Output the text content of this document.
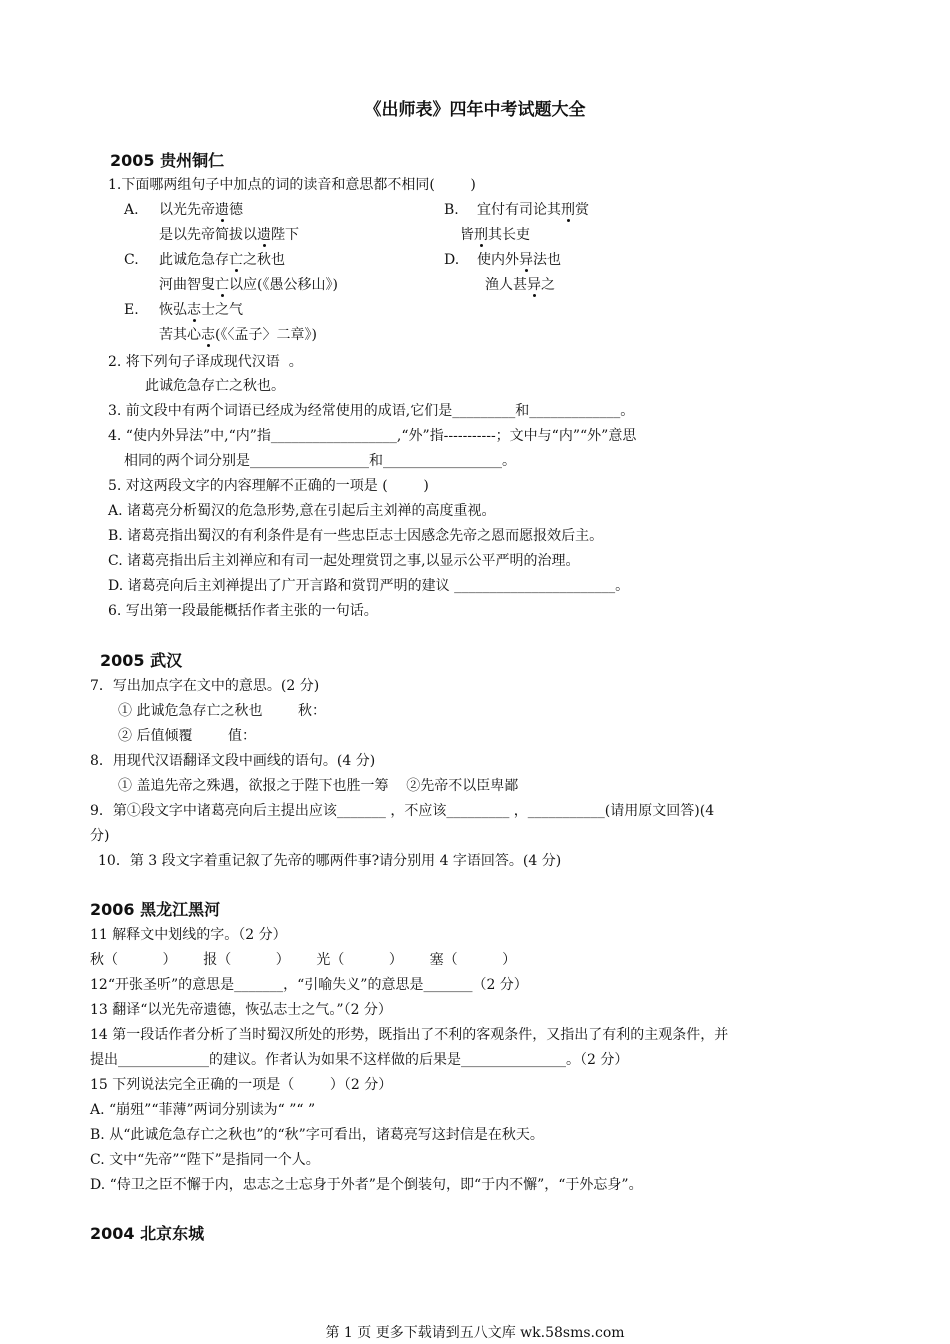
《出师表》四年中考试题大全
2005 贵州铜仁
1.下面哪两组句子中加点的词的读音和意思都不相同(        )
A. 以光先帝遗德
是以先帝简拔以遗陛下
B. 宜付有司论其刑赏
皆刑其长吏
C. 此诚危急存亡之秋也
河曲智叟亡以应(《愚公移山》)
D. 使内外异法也
渔人甚异之
E. 恢弘志士之气
苦其心志(《〈孟子〉二章》)
2. 将下列句子译成现代汉语  。
此诚危急存亡之秋也。
3. 前文段中有两个词语已经成为经常使用的成语,它们是_________和_____________。
4. “使内外异法”中,“内”指__________________,“外”指-----------；文中与“内”“外”意思
相同的两个词分别是_________________和_________________。
5. 对这两段文字的内容理解不正确的一项是 (        )
A. 诸葛亮分析蜀汉的危急形势,意在引起后主刘禅的高度重视。
B. 诸葛亮指出蜀汉的有利条件是有一些忠臣志士因感念先帝之恩而愿报效后主。
C. 诸葛亮指出后主刘禅应和有司一起处理赏罚之事,以显示公平严明的治理。
D. 诸葛亮向后主刘禅提出了广开言路和赏罚严明的建议 _______________________。
6. 写出第一段最能概括作者主张的一句话。
2005 武汉
7．写出加点字在文中的意思。(2 分)
① 此诚危急存亡之秋也        秋：
② 后值倾覆        值：
8．用现代汉语翻译文段中画线的语句。(4 分)
① 盖追先帝之殊遇，欲报之于陛下也胜一筹    ②先帝不以臣卑鄙
9．第①段文字中诸葛亮向后主提出应该_______ ，不应该_________ ，___________(请用原文回答)(4
分)
10．第 3 段文字着重记叙了先帝的哪两件事?请分别用 4 字语回答。(4 分)
2006 黑龙江黑河
11 解释文中划线的字。（2 分）
秋（          ）      报（          ）      光（          ）      塞（          ）
12“开张圣听”的意思是_______，“引喻失义”的意思是_______（2 分）
13 翻译“以光先帝遗德，恢弘志士之气。”（2 分）
14 第一段话作者分析了当时蜀汉所处的形势，既指出了不利的客观条件，又指出了有利的主观条件，并
提出_____________的建议。作者认为如果不这样做的后果是_______________。（2 分）
15 下列说法完全正确的一项是（        ）（2 分）
A. “崩殂”“菲薄”两词分别读为“ ”“ ”
B. 从“此诚危急存亡之秋也”的“秋”字可看出，诸葛亮写这封信是在秋天。
C. 文中“先帝”“陛下”是指同一个人。
D. “侍卫之臣不懈于内，忠志之士忘身于外者”是个倒装句，即“于内不懈”，“于外忘身”。
2004 北京东城
第 1 页 更多下载请到五八文库 wk.58sms.com
